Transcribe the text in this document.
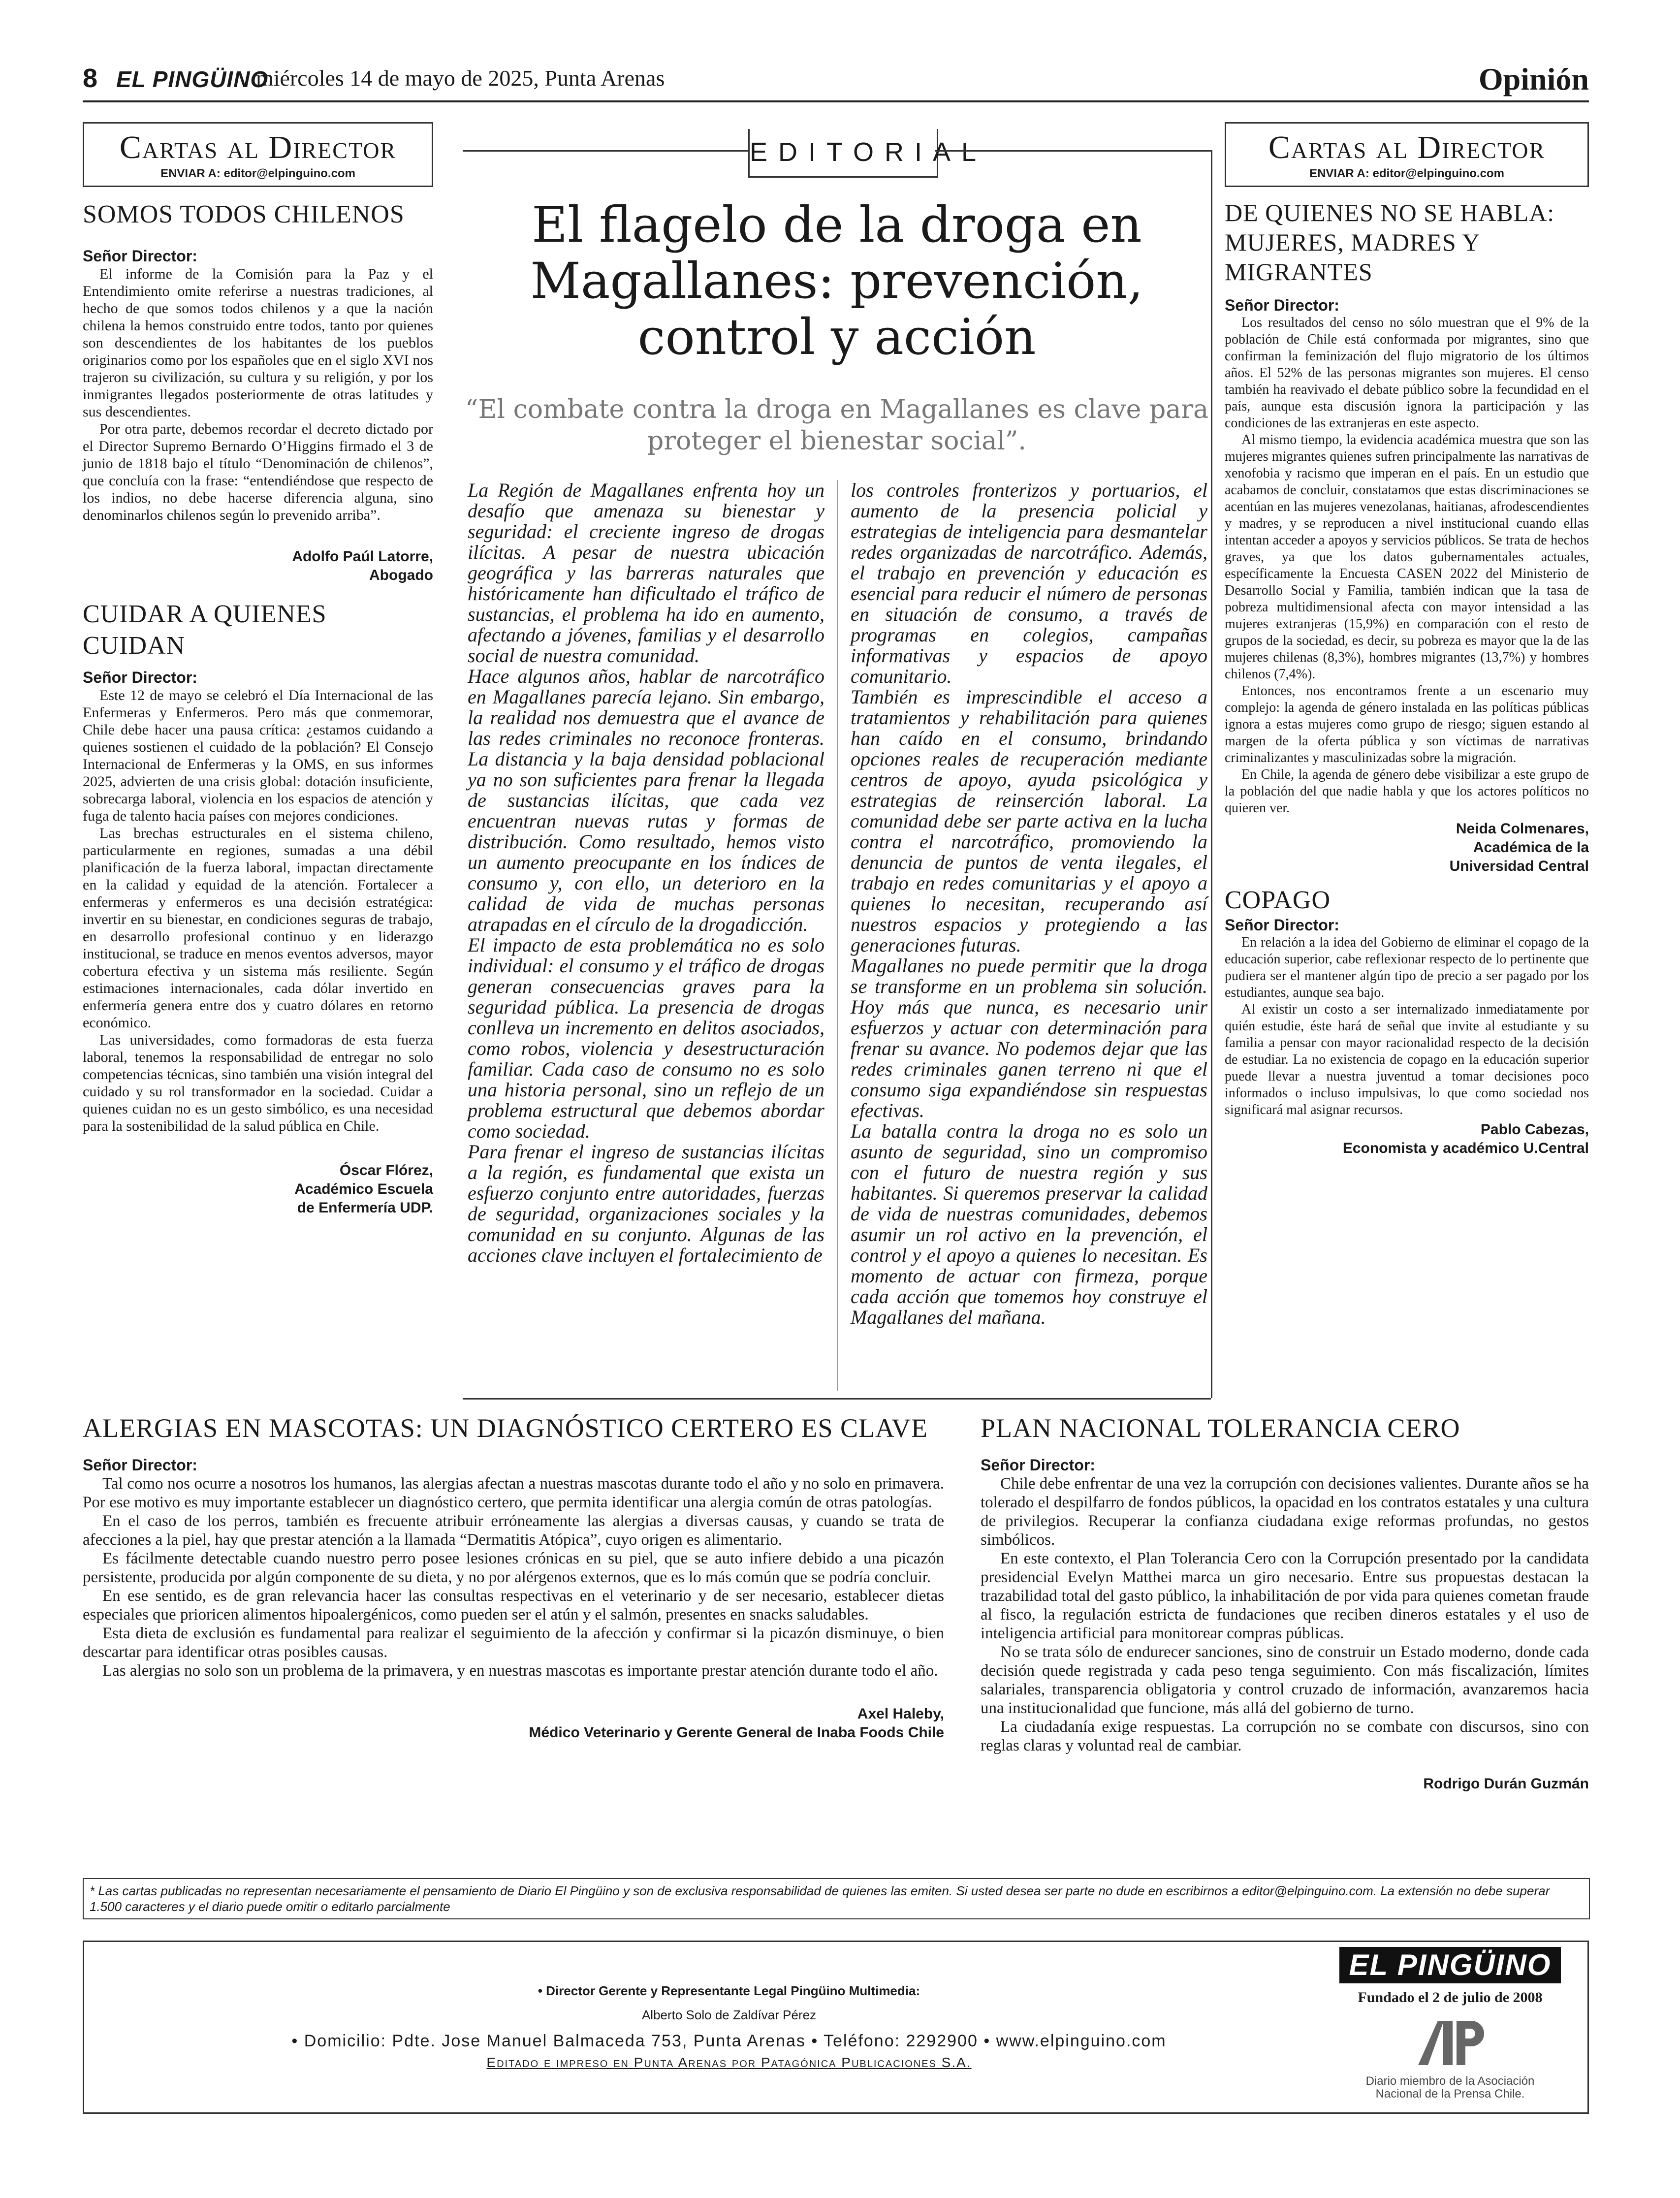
8 EL PINGÜINO
miércoles 14 de mayo de 2025, Punta Arenas	Opinión
Cartas al Director
ENVIAR A: editor@elpinguino.com
SOMOS TODOS CHILENOS
Señor Director:

El informe de la Comisión para la Paz y el Entendimiento omite referirse a nuestras tradiciones, al hecho de que somos todos chilenos y a que la nación chilena la hemos construido entre todos, tanto por quienes son descendientes de los habitantes de los pueblos originarios como por los españoles que en el siglo XVI nos trajeron su civilización, su cultura y su religión, y por los inmigrantes llegados posteriormente de otras latitudes y sus descendientes.

Por otra parte, debemos recordar el decreto dictado por el Director Supremo Bernardo O’Higgins firmado el 3 de junio de 1818 bajo el título “Denominación de chilenos”, que concluía con la frase: “entendiéndose que respecto de los indios, no debe hacerse diferencia alguna, sino denominarlos chilenos según lo prevenido arriba”.

Adolfo Paúl Latorre,
Abogado
CUIDAR A QUIENES CUIDAN
Señor Director:

Este 12 de mayo se celebró el Día Internacional de las Enfermeras y Enfermeros. Pero más que conmemorar, Chile debe hacer una pausa crítica: ¿estamos cuidando a quienes sostienen el cuidado de la población? El Consejo Internacional de Enfermeras y la OMS, en sus informes 2025, advierten de una crisis global: dotación insuficiente, sobrecarga laboral, violencia en los espacios de atención y fuga de talento hacia países con mejores condiciones.

Las brechas estructurales en el sistema chileno, particularmente en regiones, sumadas a una débil planificación de la fuerza laboral, impactan directamente en la calidad y equidad de la atención. Fortalecer a enfermeras y enfermeros es una decisión estratégica: invertir en su bienestar, en condiciones seguras de trabajo, en desarrollo profesional continuo y en liderazgo institucional, se traduce en menos eventos adversos, mayor cobertura efectiva y un sistema más resiliente. Según estimaciones internacionales, cada dólar invertido en enfermería genera entre dos y cuatro dólares en retorno económico.

Las universidades, como formadoras de esta fuerza laboral, tenemos la responsabilidad de entregar no solo competencias técnicas, sino también una visión integral del cuidado y su rol transformador en la sociedad. Cuidar a quienes cuidan no es un gesto simbólico, es una necesidad para la sostenibilidad de la salud pública en Chile.

Óscar Flórez,
Académico Escuela
de Enfermería UDP.
EDITORIAL
El flagelo de la droga en
Magallanes: prevención,
control y acción
“El combate contra la droga en Magallanes es clave para
proteger el bienestar social”.

La Región de Magallanes enfrenta hoy un desafío que amenaza su bienestar y seguridad: el creciente ingreso de drogas ilícitas. A pesar de nuestra ubicación geográfica y las barreras naturales que históricamente han dificultado el tráfico de sustancias, el problema ha ido en aumento, afectando a jóvenes, familias y el desarrollo social de nuestra comunidad.

Hace algunos años, hablar de narcotráfico en Magallanes parecía lejano. Sin embargo, la realidad nos demuestra que el avance de las redes criminales no reconoce fronteras. La distancia y la baja densidad poblacional ya no son suficientes para frenar la llegada de sustancias ilícitas, que cada vez encuentran nuevas rutas y formas de distribución. Como resultado, hemos visto un aumento preocupante en los índices de consumo y, con ello, un deterioro en la calidad de vida de muchas personas atrapadas en el círculo de la drogadicción.

El impacto de esta problemática no es solo individual: el consumo y el tráfico de drogas generan consecuencias graves para la seguridad pública. La presencia de drogas conlleva un incremento en delitos asociados, como robos, violencia y desestructuración familiar. Cada caso de consumo no es solo una historia personal, sino un reflejo de un problema estructural que debemos abordar como sociedad.

Para frenar el ingreso de sustancias ilícitas a la región, es fundamental que exista un esfuerzo conjunto entre autoridades, fuerzas de seguridad, organizaciones sociales y la comunidad en su conjunto. Algunas de las acciones clave incluyen el fortalecimiento de

los controles fronterizos y portuarios, el aumento de la presencia policial y estrategias de inteligencia para desmantelar redes organizadas de narcotráfico. Además, el trabajo en prevención y educación es esencial para reducir el número de personas en situación de consumo, a través de programas en colegios, campañas informativas y espacios de apoyo comunitario.

También es imprescindible el acceso a tratamientos y rehabilitación para quienes han caído en el consumo, brindando opciones reales de recuperación mediante centros de apoyo, ayuda psicológica y estrategias de reinserción laboral. La comunidad debe ser parte activa en la lucha contra el narcotráfico, promoviendo la denuncia de puntos de venta ilegales, el trabajo en redes comunitarias y el apoyo a quienes lo necesitan, recuperando así nuestros espacios y protegiendo a las generaciones futuras.

Magallanes no puede permitir que la droga se transforme en un problema sin solución. Hoy más que nunca, es necesario unir esfuerzos y actuar con determinación para frenar su avance. No podemos dejar que las redes criminales ganen terreno ni que el consumo siga expandiéndose sin respuestas efectivas.

La batalla contra la droga no es solo un asunto de seguridad, sino un compromiso con el futuro de nuestra región y sus habitantes. Si queremos preservar la calidad de vida de nuestras comunidades, debemos asumir un rol activo en la prevención, el control y el apoyo a quienes lo necesitan. Es momento de actuar con firmeza, porque cada acción que tomemos hoy construye el Magallanes del mañana.

Cartas al Director
ENVIAR A: editor@elpinguino.com
DE QUIENES NO SE HABLA: MUJERES, MADRES Y MIGRANTES
Señor Director:

Los resultados del censo no sólo muestran que el 9% de la población de Chile está conformada por migrantes, sino que confirman la feminización del flujo migratorio de los últimos años. El 52% de las personas migrantes son mujeres. El censo también ha reavivado el debate público sobre la fecundidad en el país, aunque esta discusión ignora la participación y las condiciones de las extranjeras en este aspecto.

Al mismo tiempo, la evidencia académica muestra que son las mujeres migrantes quienes sufren principalmente las narrativas de xenofobia y racismo que imperan en el país. En un estudio que acabamos de concluir, constatamos que estas discriminaciones se acentúan en las mujeres venezolanas, haitianas, afrodescendientes y madres, y se reproducen a nivel institucional cuando ellas intentan acceder a apoyos y servicios públicos. Se trata de hechos graves, ya que los datos gubernamentales actuales, específicamente la Encuesta CASEN 2022 del Ministerio de Desarrollo Social y Familia, también indican que la tasa de pobreza multidimensional afecta con mayor intensidad a las mujeres extranjeras (15,9%) en comparación con el resto de grupos de la sociedad, es decir, su pobreza es mayor que la de las mujeres chilenas (8,3%), hombres migrantes (13,7%) y hombres chilenos (7,4%).

Entonces, nos encontramos frente a un escenario muy complejo: la agenda de género instalada en las políticas públicas ignora a estas mujeres como grupo de riesgo; siguen estando al margen de la oferta pública y son víctimas de narrativas criminalizantes y masculinizadas sobre la migración.

En Chile, la agenda de género debe visibilizar a este grupo de la población del que nadie habla y que los actores políticos no quieren ver.

Neida Colmenares,
Académica de la
Universidad Central
COPAGO
Señor Director:

En relación a la idea del Gobierno de eliminar el copago de la educación superior, cabe reflexionar respecto de lo pertinente que pudiera ser el mantener algún tipo de precio a ser pagado por los estudiantes, aunque sea bajo.

Al existir un costo a ser internalizado inmediatamente por quién estudie, éste hará de señal que invite al estudiante y su familia a pensar con mayor racionalidad respecto de la decisión de estudiar. La no existencia de copago en la educación superior puede llevar a nuestra juventud a tomar decisiones poco informados o incluso impulsivas, lo que como sociedad nos significará mal asignar recursos.

Pablo Cabezas,
Economista y académico U.Central
ALERGIAS EN MASCOTAS: UN DIAGNÓSTICO CERTERO ES CLAVE
Señor Director:

Tal como nos ocurre a nosotros los humanos, las alergias afectan a nuestras mascotas durante todo el año y no solo en primavera. Por ese motivo es muy importante establecer un diagnóstico certero, que permita identificar una alergia común de otras patologías.

En el caso de los perros, también es frecuente atribuir erróneamente las alergias a diversas causas, y cuando se trata de afecciones a la piel, hay que prestar atención a la llamada “Dermatitis Atópica”, cuyo origen es alimentario.

Es fácilmente detectable cuando nuestro perro posee lesiones crónicas en su piel, que se auto infiere debido a una picazón persistente, producida por algún componente de su dieta, y no por alérgenos externos, que es lo más común que se podría concluir.

En ese sentido, es de gran relevancia hacer las consultas respectivas en el veterinario y de ser necesario, establecer dietas especiales que prioricen alimentos hipoalergénicos, como pueden ser el atún y el salmón, presentes en snacks saludables.

Esta dieta de exclusión es fundamental para realizar el seguimiento de la afección y confirmar si la picazón disminuye, o bien descartar para identificar otras posibles causas.

Las alergias no solo son un problema de la primavera, y en nuestras mascotas es importante prestar atención durante todo el año.

Axel Haleby,
Médico Veterinario y Gerente General de Inaba Foods Chile
PLAN NACIONAL TOLERANCIA CERO
Señor Director:

Chile debe enfrentar de una vez la corrupción con decisiones valientes. Durante años se ha tolerado el despilfarro de fondos públicos, la opacidad en los contratos estatales y una cultura de privilegios. Recuperar la confianza ciudadana exige reformas profundas, no gestos simbólicos.

En este contexto, el Plan Tolerancia Cero con la Corrupción presentado por la candidata presidencial Evelyn Matthei marca un giro necesario. Entre sus propuestas destacan la trazabilidad total del gasto público, la inhabilitación de por vida para quienes cometan fraude al fisco, la regulación estricta de fundaciones que reciben dineros estatales y el uso de inteligencia artificial para monitorear compras públicas.

No se trata sólo de endurecer sanciones, sino de construir un Estado moderno, donde cada decisión quede registrada y cada peso tenga seguimiento. Con más fiscalización, límites salariales, transparencia obligatoria y control cruzado de información, avanzaremos hacia una institucionalidad que funcione, más allá del gobierno de turno.

La ciudadanía exige respuestas. La corrupción no se combate con discursos, sino con reglas claras y voluntad real de cambiar.

Rodrigo Durán Guzmán
* Las cartas publicadas no representan necesariamente el pensamiento de Diario El Pingüino y son de exclusiva responsabilidad de quienes las emiten. Si usted desea ser parte no dude en escribirnos a editor@elpinguino.com. La extensión no debe superar 1.500 caracteres y el diario puede omitir o editarlo parcialmente
• Director Gerente y Representante Legal Pingüino Multimedia:
Alberto Solo de Zaldívar Pérez
• Domicilio: Pdte. Jose Manuel Balmaceda 753, Punta Arenas • Teléfono: 2292900 • www.elpinguino.com
Editado e impreso en Punta Arenas por Patagónica Publicaciones S.A.
EL PINGÜINO
Fundado el 2 de julio de 2008
Diario miembro de la Asociación
Nacional de la Prensa Chile.
